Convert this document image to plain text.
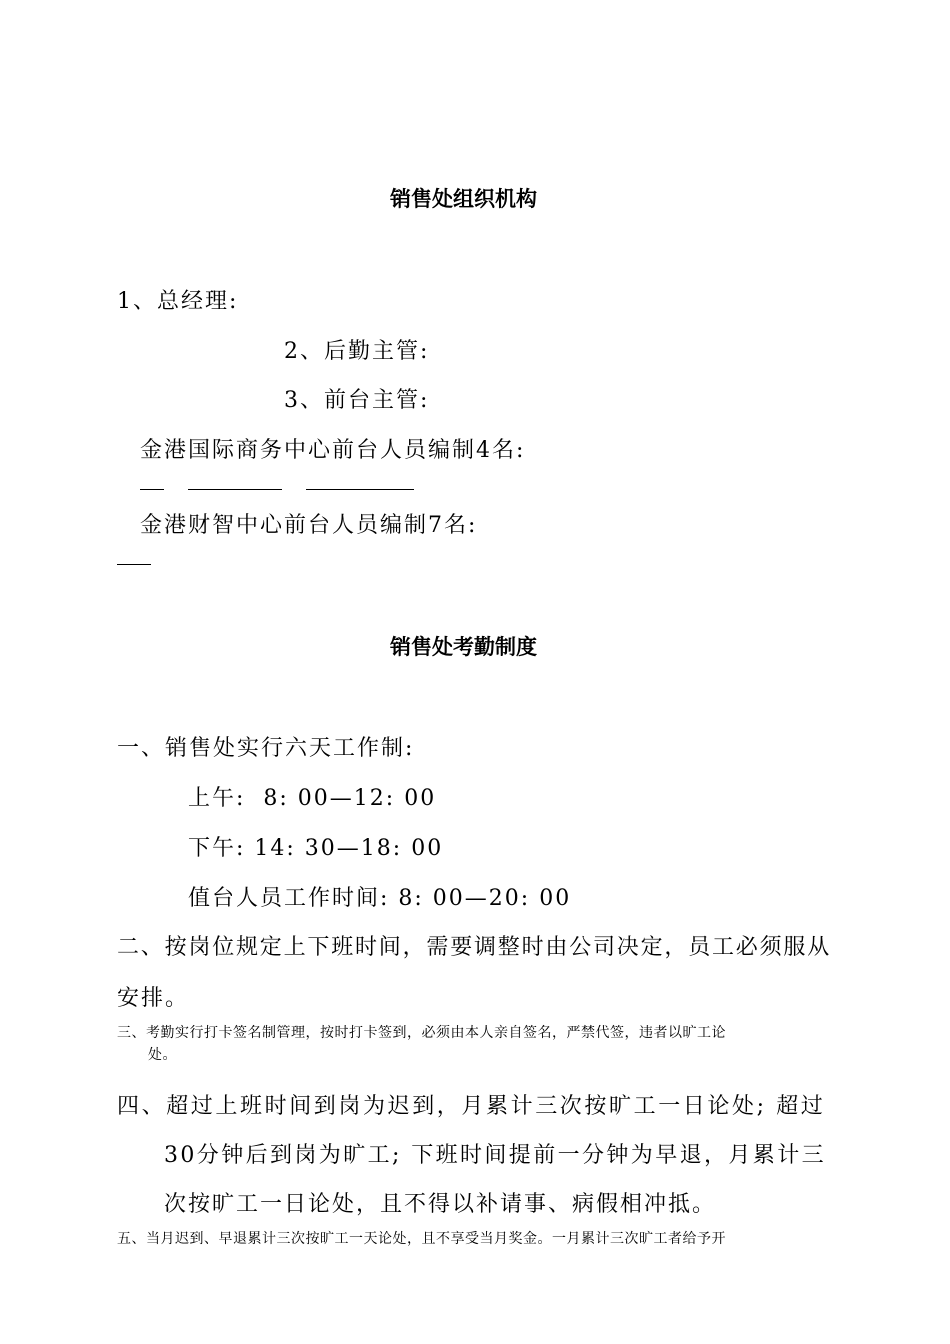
销售处组织机构
1、总经理:
2、后勤主管:
3、前台主管:
金港国际商务中心前台人员编制4名:
金港财智中心前台人员编制7名:
销售处考勤制度
一、销售处实行六天工作制:
上午:  8: 00—12: 00
下午: 14: 30—18: 00
值台人员工作时间: 8: 00—20: 00
二、按岗位规定上下班时间，需要调整时由公司决定，员工必须服从
安排。
三、考勤实行打卡签名制管理，按时打卡签到，必须由本人亲自签名，严禁代签，违者以旷工论
处。
四、超过上班时间到岗为迟到，月累计三次按旷工一日论处; 超过
30分钟后到岗为旷工; 下班时间提前一分钟为早退，月累计三
次按旷工一日论处，且不得以补请事、病假相冲抵。
五、当月迟到、早退累计三次按旷工一天论处，且不享受当月奖金。一月累计三次旷工者给予开
